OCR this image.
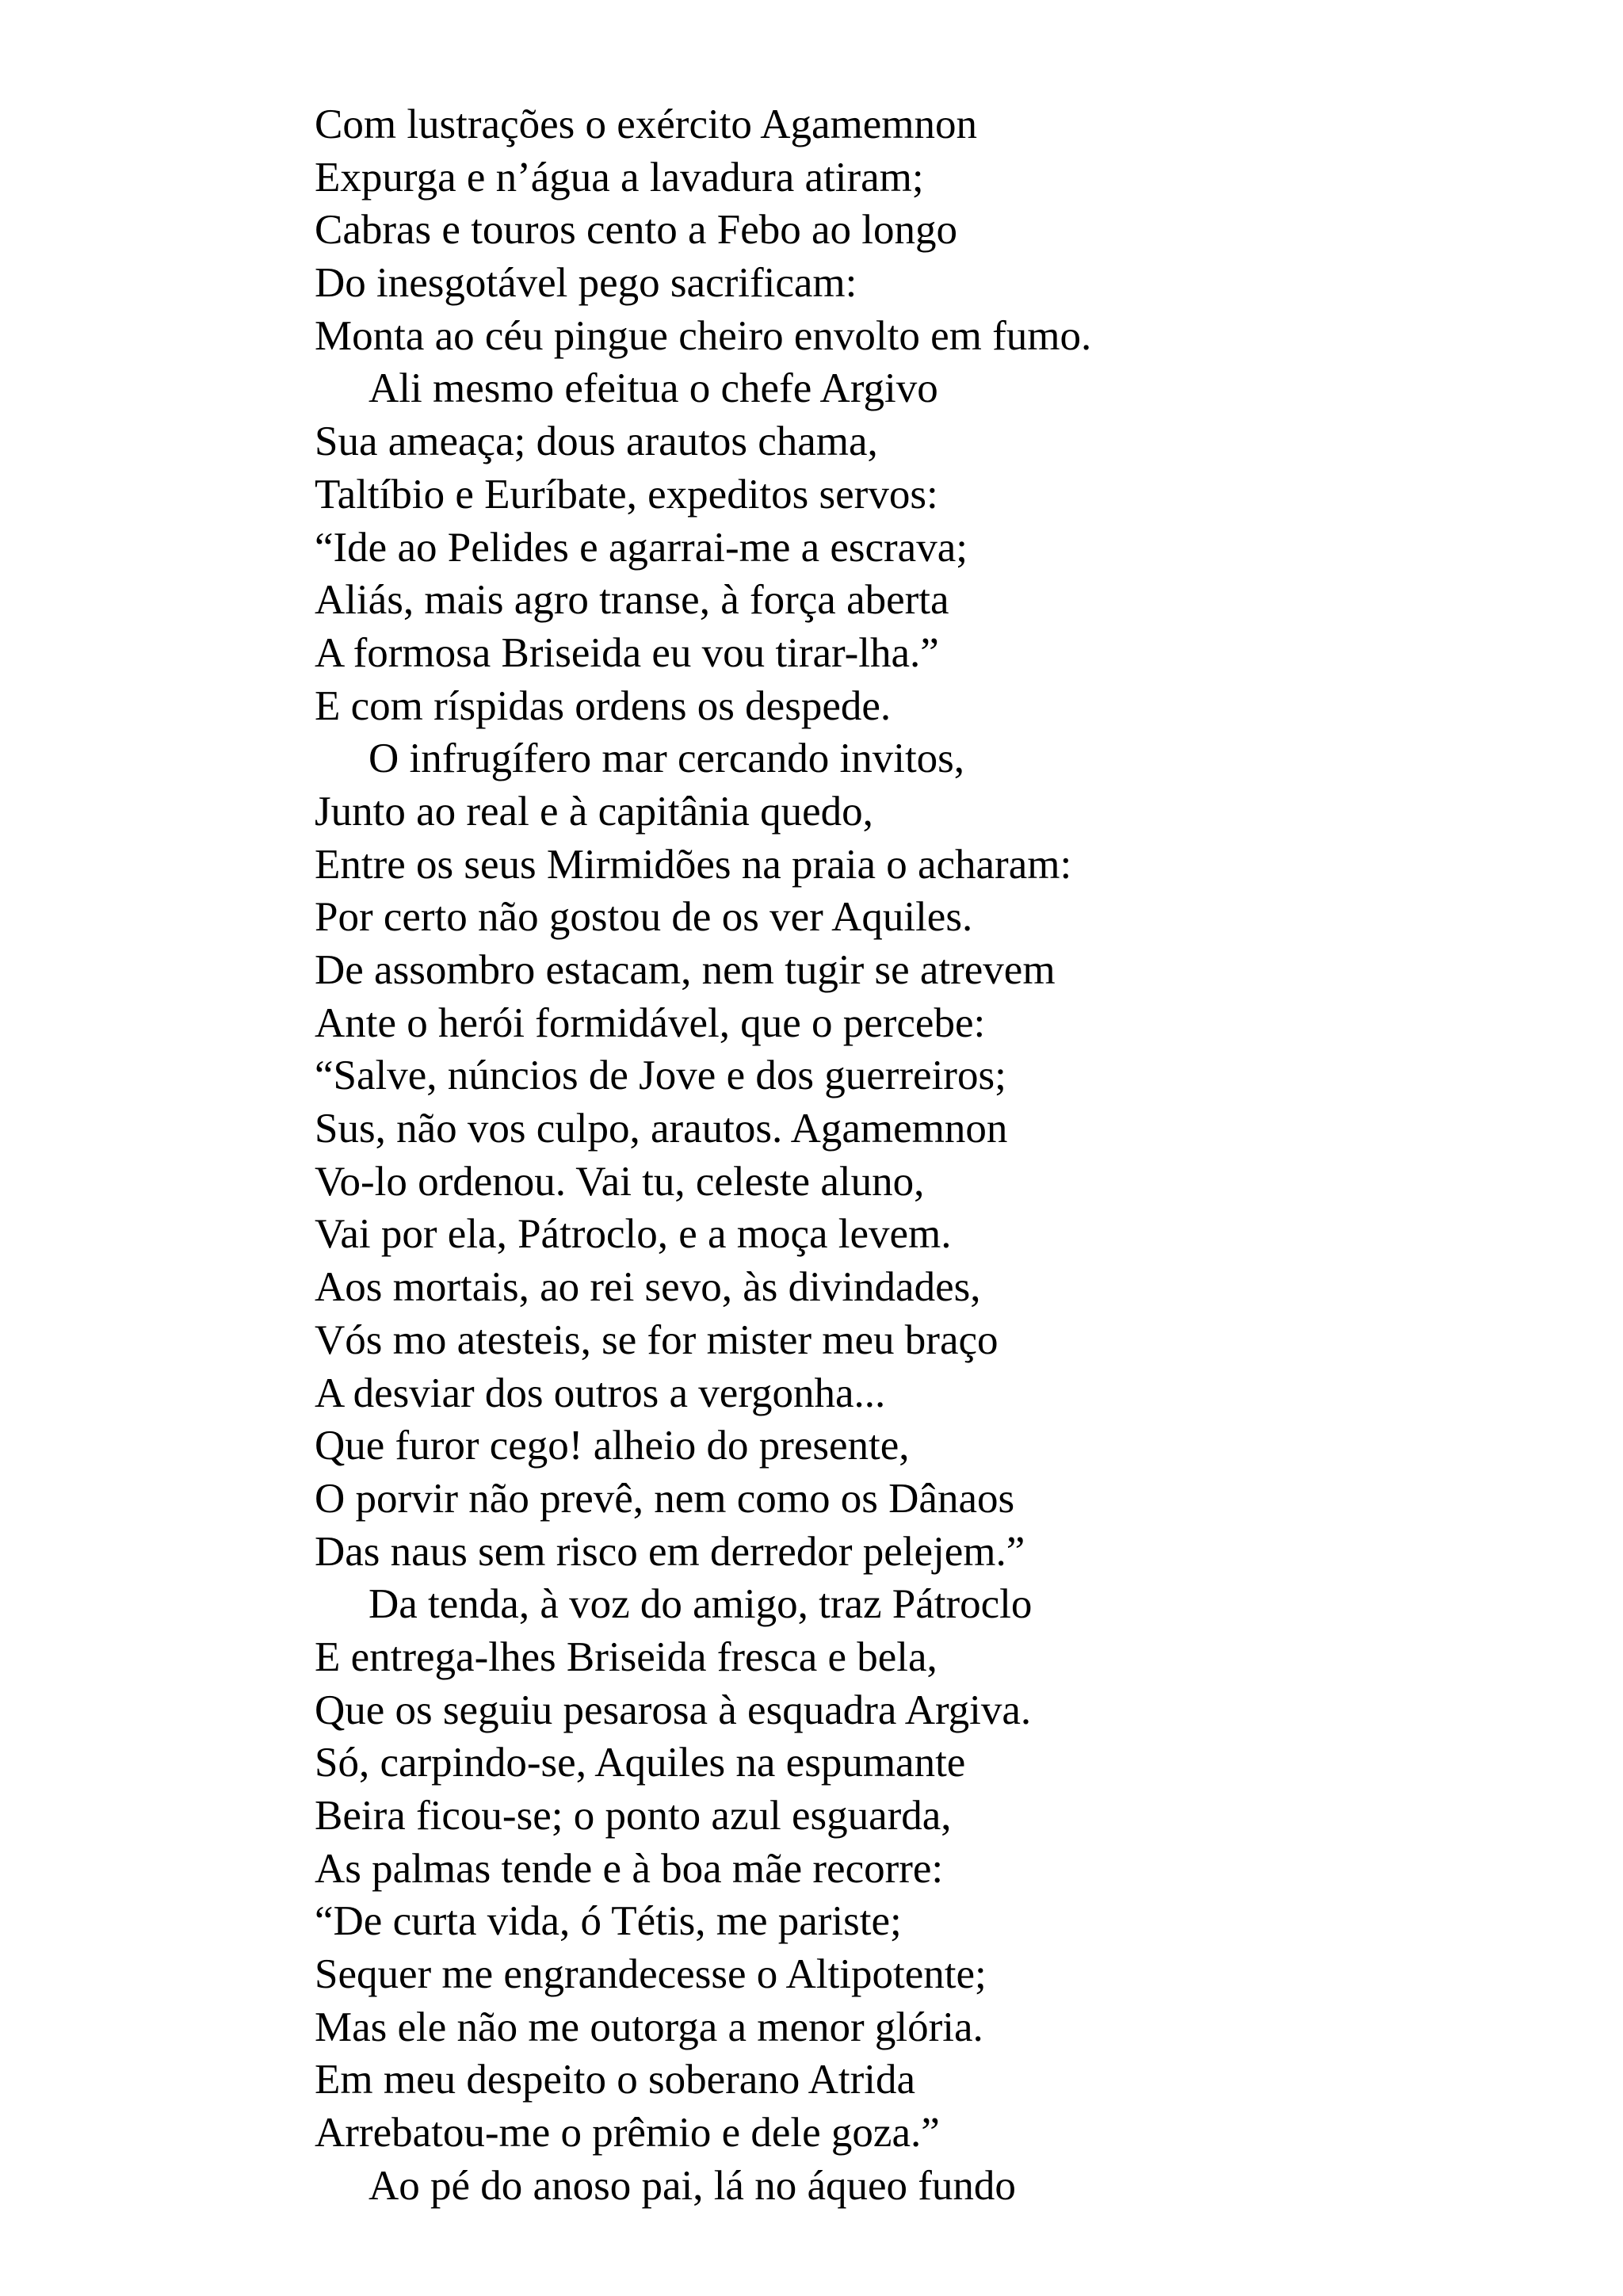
Com lustrações o exército Agamemnon
Expurga e n’água a lavadura atiram;
Cabras e touros cento a Febo ao longo
Do inesgotável pego sacrificam:
Monta ao céu pingue cheiro envolto em fumo.
Ali mesmo efeitua o chefe Argivo
Sua ameaça; dous arautos chama,
Taltíbio e Euríbate, expeditos servos:
“Ide ao Pelides e agarrai-me a escrava;
Aliás, mais agro transe, à força aberta
A formosa Briseida eu vou tirar-lha.”
E com ríspidas ordens os despede.
O infrugífero mar cercando invitos,
Junto ao real e à capitânia quedo,
Entre os seus Mirmidões na praia o acharam:
Por certo não gostou de os ver Aquiles.
De assombro estacam, nem tugir se atrevem
Ante o herói formidável, que o percebe:
“Salve, núncios de Jove e dos guerreiros;
Sus, não vos culpo, arautos. Agamemnon
Vo-lo ordenou. Vai tu, celeste aluno,
Vai por ela, Pátroclo, e a moça levem.
Aos mortais, ao rei sevo, às divindades,
Vós mo atesteis, se for mister meu braço
A desviar dos outros a vergonha...
Que furor cego! alheio do presente,
O porvir não prevê, nem como os Dânaos
Das naus sem risco em derredor pelejem.”
Da tenda, à voz do amigo, traz Pátroclo
E entrega-lhes Briseida fresca e bela,
Que os seguiu pesarosa à esquadra Argiva.
Só, carpindo-se, Aquiles na espumante
Beira ficou-se; o ponto azul esguarda,
As palmas tende e à boa mãe recorre:
“De curta vida, ó Tétis, me pariste;
Sequer me engrandecesse o Altipotente;
Mas ele não me outorga a menor glória.
Em meu despeito o soberano Atrida
Arrebatou-me o prêmio e dele goza.”
Ao pé do anoso pai, lá no áqueo fundo
